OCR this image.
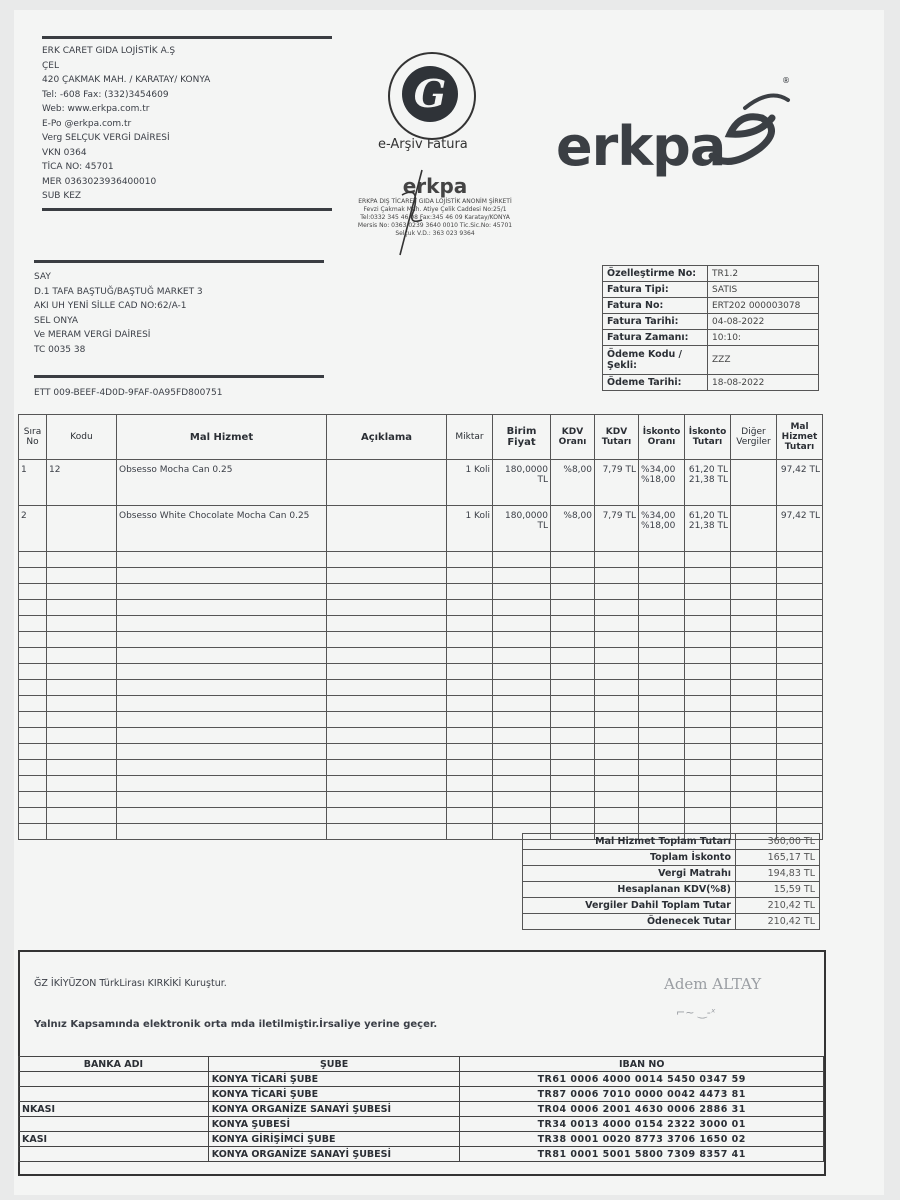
ERK CARET GIDA LOJİSTİK A.Ş
ÇEL
420 ÇAKMAK MAH. / KARATAY/ KONYA
Tel: -608 Fax: (332)3454609
Web: www.erkpa.com.tr
E-Po @erkpa.com.tr
Verg SELÇUK VERGİ DAİRESİ
VKN 0364
TİCA NO: 45701
MER 0363023936400010
SUB KEZ
G
e-Arşiv Fatura
erkpa
ERKPA DIŞ TİCARET GIDA LOJİSTİK ANONİM ŞİRKETİ
Fevzi Çakmak Mah. Atiye Çelik Caddesi No:25/1
Tel:0332 345 46 08 Fax:345 46 09 Karatay/KONYA
Mersis No: 0363 0239 3640 0010 Tic.Sic.No: 45701
Selçuk V.D.: 363 023 9364
erkpa
®
SAY
D.1 TAFA BAŞTUĞ/BAŞTUĞ MARKET 3
AKI UH YENİ SİLLE CAD NO:62/A-1
SEL ONYA
Ve MERAM VERGİ DAİRESİ
TC 0035 38
ETT 009-BEEF-4D0D-9FAF-0A95FD800751
Özelleştirme No:	TR1.2
Fatura Tipi:	SATIS
Fatura No:	ERT202 000003078
Fatura Tarihi:	04-08-2022
Fatura Zamanı:	10:10:
Ödeme Kodu / Şekli:	ZZZ
Ödeme Tarihi:	18-08-2022
Sıra No	Kodu	Mal Hizmet	Açıklama	Miktar	Birim Fiyat	KDV Oranı	KDV Tutarı	İskonto Oranı	İskonto Tutarı	Diğer Vergiler	Mal Hizmet Tutarı
1	12	Obsesso Mocha Can 0.25		1 Koli	180,0000 TL	%8,00	7,79 TL	%34,00 %18,00	61,20 TL 21,38 TL		97,42 TL
2		Obsesso White Chocolate Mocha Can 0.25		1 Koli	180,0000 TL	%8,00	7,79 TL	%34,00 %18,00	61,20 TL 21,38 TL		97,42 TL

Mal Hizmet Toplam Tutarı	360,00 TL
Toplam İskonto	165,17 TL
Vergi Matrahı	194,83 TL
Hesaplanan KDV(%8)	15,59 TL
Vergiler Dahil Toplam Tutar	210,42 TL
Ödenecek Tutar	210,42 TL
ĞZ İKİYÜZON TürkLirası KIRKİKİ Kuruştur.	Adem ALTAY
⌐~ ‿-ˣ
Yalnız Kapsamında elektronik orta mda iletilmiştir.İrsaliye yerine geçer.
BANKA ADI	ŞUBE	IBAN NO
	KONYA TİCARİ ŞUBE	TR61 0006 4000 0014 5450 0347 59
	KONYA TİCARİ ŞUBE	TR87 0006 7010 0000 0042 4473 81
NKASI	KONYA ORGANİZE SANAYİ ŞUBESİ	TR04 0006 2001 4630 0006 2886 31
	KONYA ŞUBESİ	TR34 0013 4000 0154 2322 3000 01
KASI	KONYA GİRİŞİMCİ ŞUBE	TR38 0001 0020 8773 3706 1650 02
	KONYA ORGANİZE SANAYİ ŞUBESİ	TR81 0001 5001 5800 7309 8357 41
